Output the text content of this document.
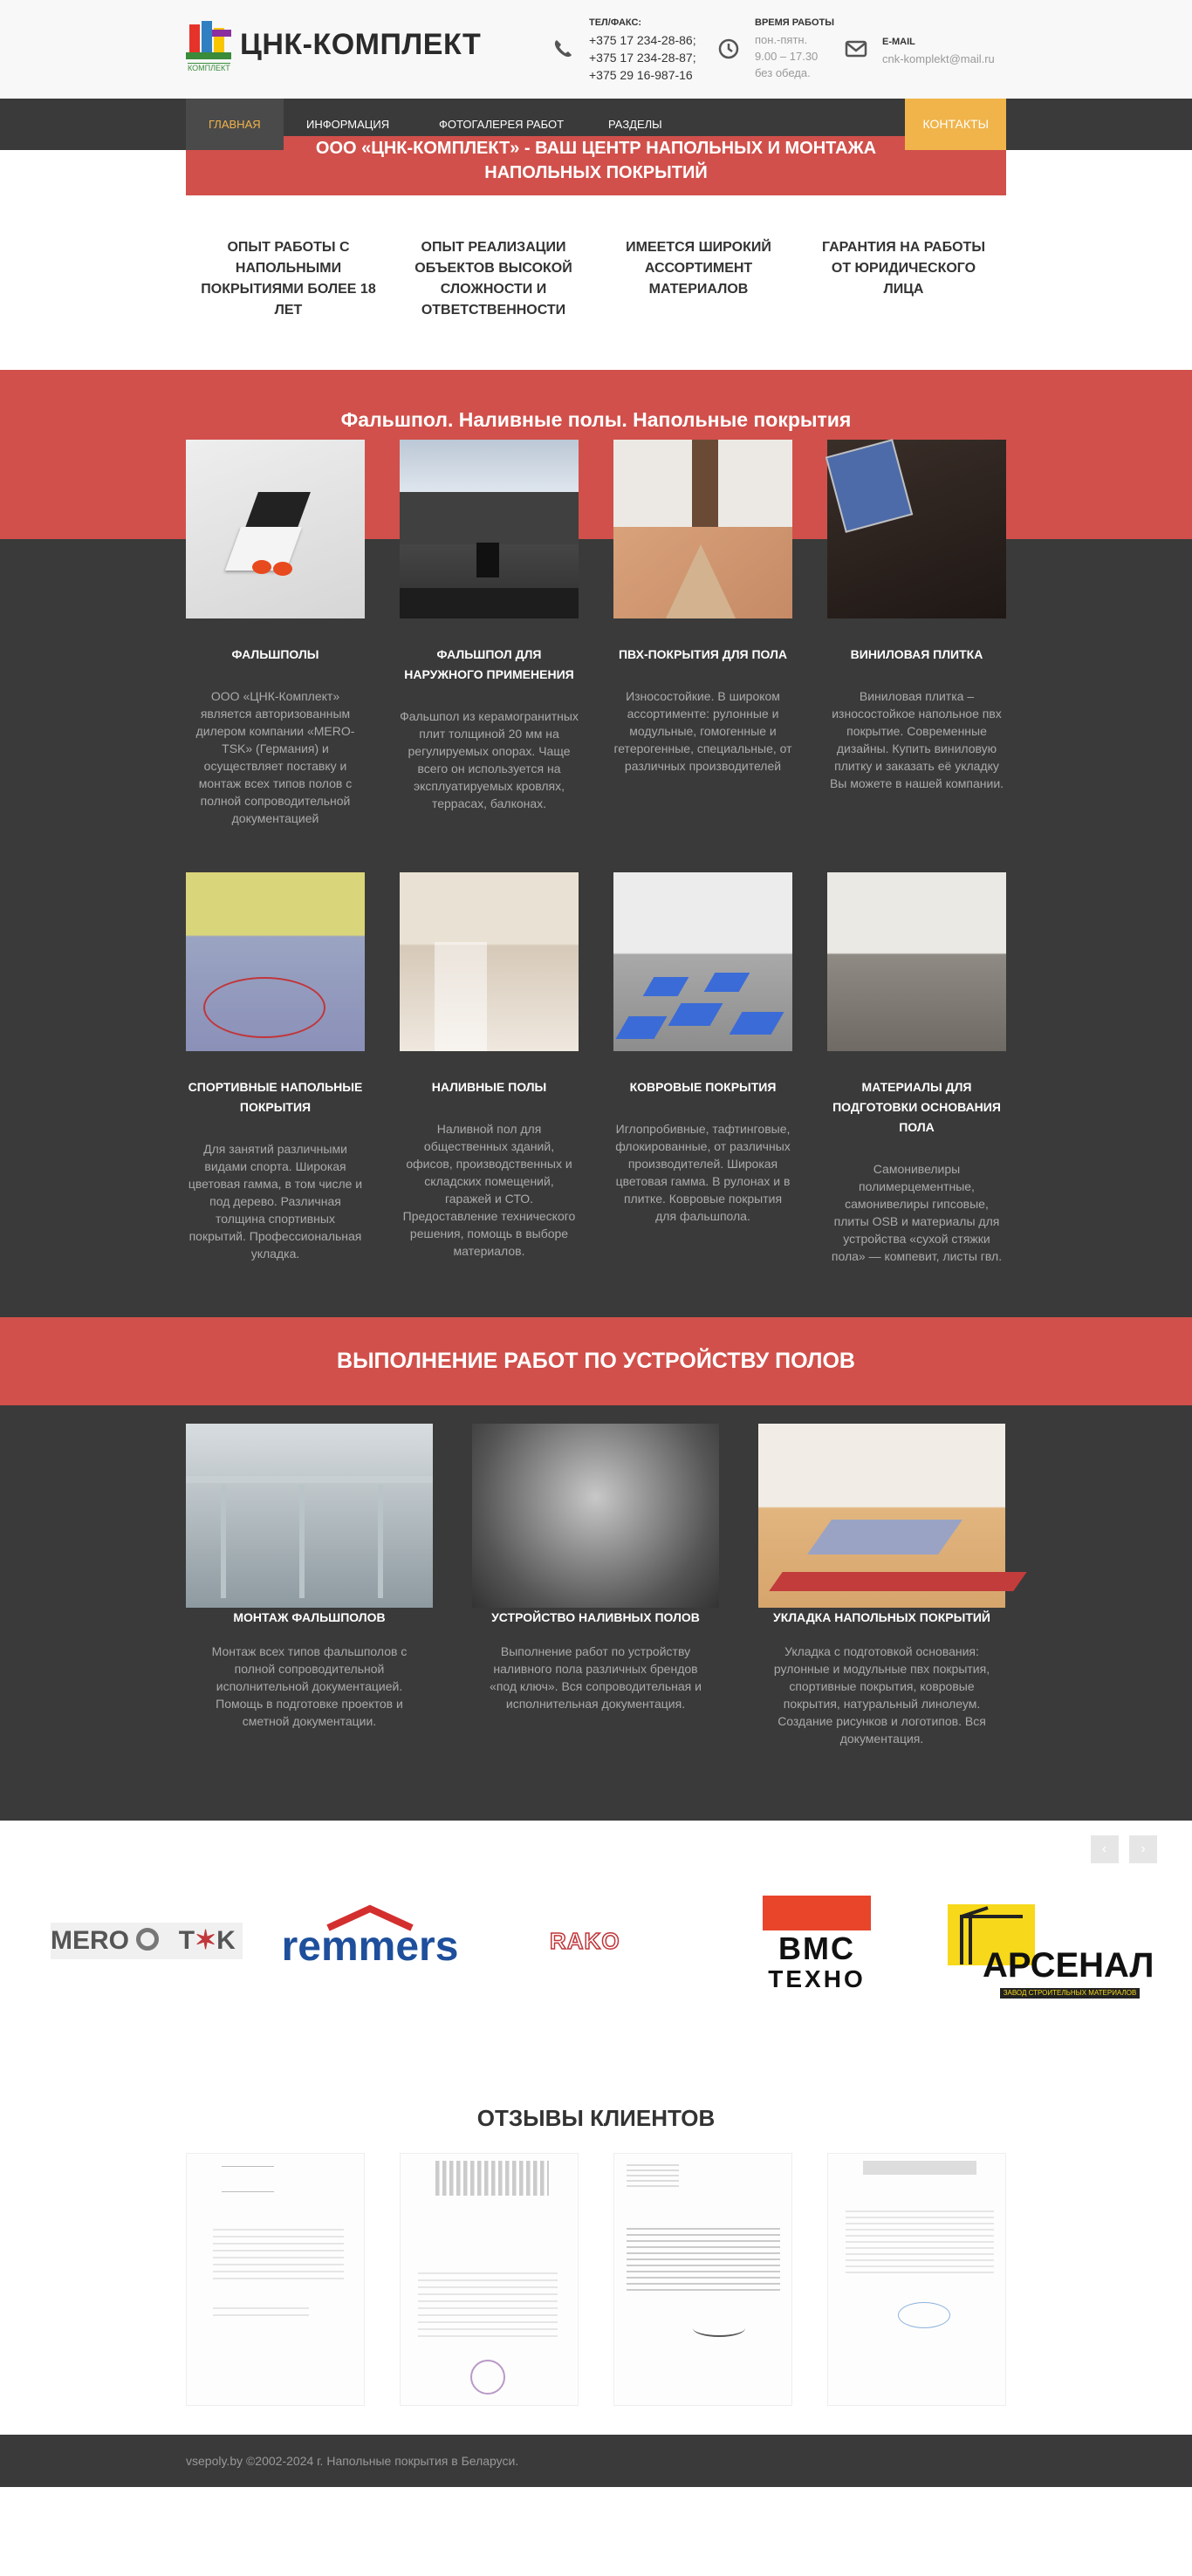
ЦНК-КОМПЛЕКТ
КОМПЛЕКТ
ТЕЛ/ФАКС:
+375 17 234-28-86;
+375 17 234-28-87;
+375 29 16-987-16
ВРЕМЯ РАБОТЫ
пон.-пятн.
9.00 – 17.30
без обеда.
E-MAIL
cnk-komplekt@mail.ru
ГЛАВНАЯ	ИНФОРМАЦИЯ	ФОТОГАЛЕРЕЯ РАБОТ	РАЗДЕЛЫ	КОНТАКТЫ
ООО «ЦНК-КОМПЛЕКТ» - ВАШ ЦЕНТР НАПОЛЬНЫХ И МОНТАЖА НАПОЛЬНЫХ ПОКРЫТИЙ
ОПЫТ РАБОТЫ С НАПОЛЬНЫМИ ПОКРЫТИЯМИ БОЛЕЕ 18 ЛЕТ
ОПЫТ РЕАЛИЗАЦИИ ОБЪЕКТОВ ВЫСОКОЙ СЛОЖНОСТИ И ОТВЕТСТВЕННОСТИ
ИМЕЕТСЯ ШИРОКИЙ АССОРТИМЕНТ МАТЕРИАЛОВ
ГАРАНТИЯ НА РАБОТЫ ОТ ЮРИДИЧЕСКОГО ЛИЦА
Фальшпол. Наливные полы. Напольные покрытия
ФАЛЬШПОЛЫ

ООО «ЦНК-Комплект» является авторизованным дилером компании «MERO-TSK» (Германия) и осуществляет поставку и монтаж всех типов полов с полной сопроводительной документацией

ФАЛЬШПОЛ ДЛЯ НАРУЖНОГО ПРИМЕНЕНИЯ

Фальшпол из керамогранитных плит толщиной 20 мм на регулируемых опорах. Чаще всего он используется на эксплуатируемых кровлях, террасах, балконах.

ПВХ-ПОКРЫТИЯ ДЛЯ ПОЛА

Износостойкие. В широком ассортименте: рулонные и модульные, гомогенные и гетерогенные, специальные, от различных производителей

ВИНИЛОВАЯ ПЛИТКА

Виниловая плитка – износостойкое напольное пвх покрытие. Современные дизайны. Купить виниловую плитку и заказать её укладку Вы можете в нашей компании.

СПОРТИВНЫЕ НАПОЛЬНЫЕ ПОКРЫТИЯ

Для занятий различными видами спорта. Широкая цветовая гамма, в том числе и под дерево. Различная толщина спортивных покрытий. Профессиональная укладка.

НАЛИВНЫЕ ПОЛЫ

Наливной пол для общественных зданий, офисов, производственных и складских помещений, гаражей и СТО. Предоставление технического решения, помощь в выборе материалов.

КОВРОВЫЕ ПОКРЫТИЯ

Иглопробивные, тафтинговые, флокированные, от различных производителей. Широкая цветовая гамма. В рулонах и в плитке. Ковровые покрытия для фальшпола.

МАТЕРИАЛЫ ДЛЯ ПОДГОТОВКИ ОСНОВАНИЯ ПОЛА

Самонивелиры полимерцементные, самонивелиры гипсовые, плиты OSB и материалы для устройства «сухой стяжки пола» — компевит, листы гвл.

ВЫПОЛНЕНИЕ РАБОТ ПО УСТРОЙСТВУ ПОЛОВ
МОНТАЖ ФАЛЬШПОЛОВ

Монтаж всех типов фальшполов с полной сопроводительной исполнительной документацией. Помощь в подготовке проектов и сметной документации.

УСТРОЙСТВО НАЛИВНЫХ ПОЛОВ

Выполнение работ по устройству наливного пола различных брендов «под ключ». Вся сопроводительная и исполнительная документация.

УКЛАДКА НАПОЛЬНЫХ ПОКРЫТИЙ

Укладка с подготовкой основания: рулонные и модульные пвх покрытия, спортивные покрытия, ковровые покрытия, натуральный линолеум. Создание рисунков и логотипов. Вся документация.

‹ ›
MERO T✶K remmers	RAKO	ВМС
ТЕХНО	АРСЕНАЛ
ЗАВОД СТРОИТЕЛЬНЫХ МАТЕРИАЛОВ
ОТЗЫВЫ КЛИЕНТОВ
vsepoly.by ©2002-2024 г. Напольные покрытия в Беларуси.
